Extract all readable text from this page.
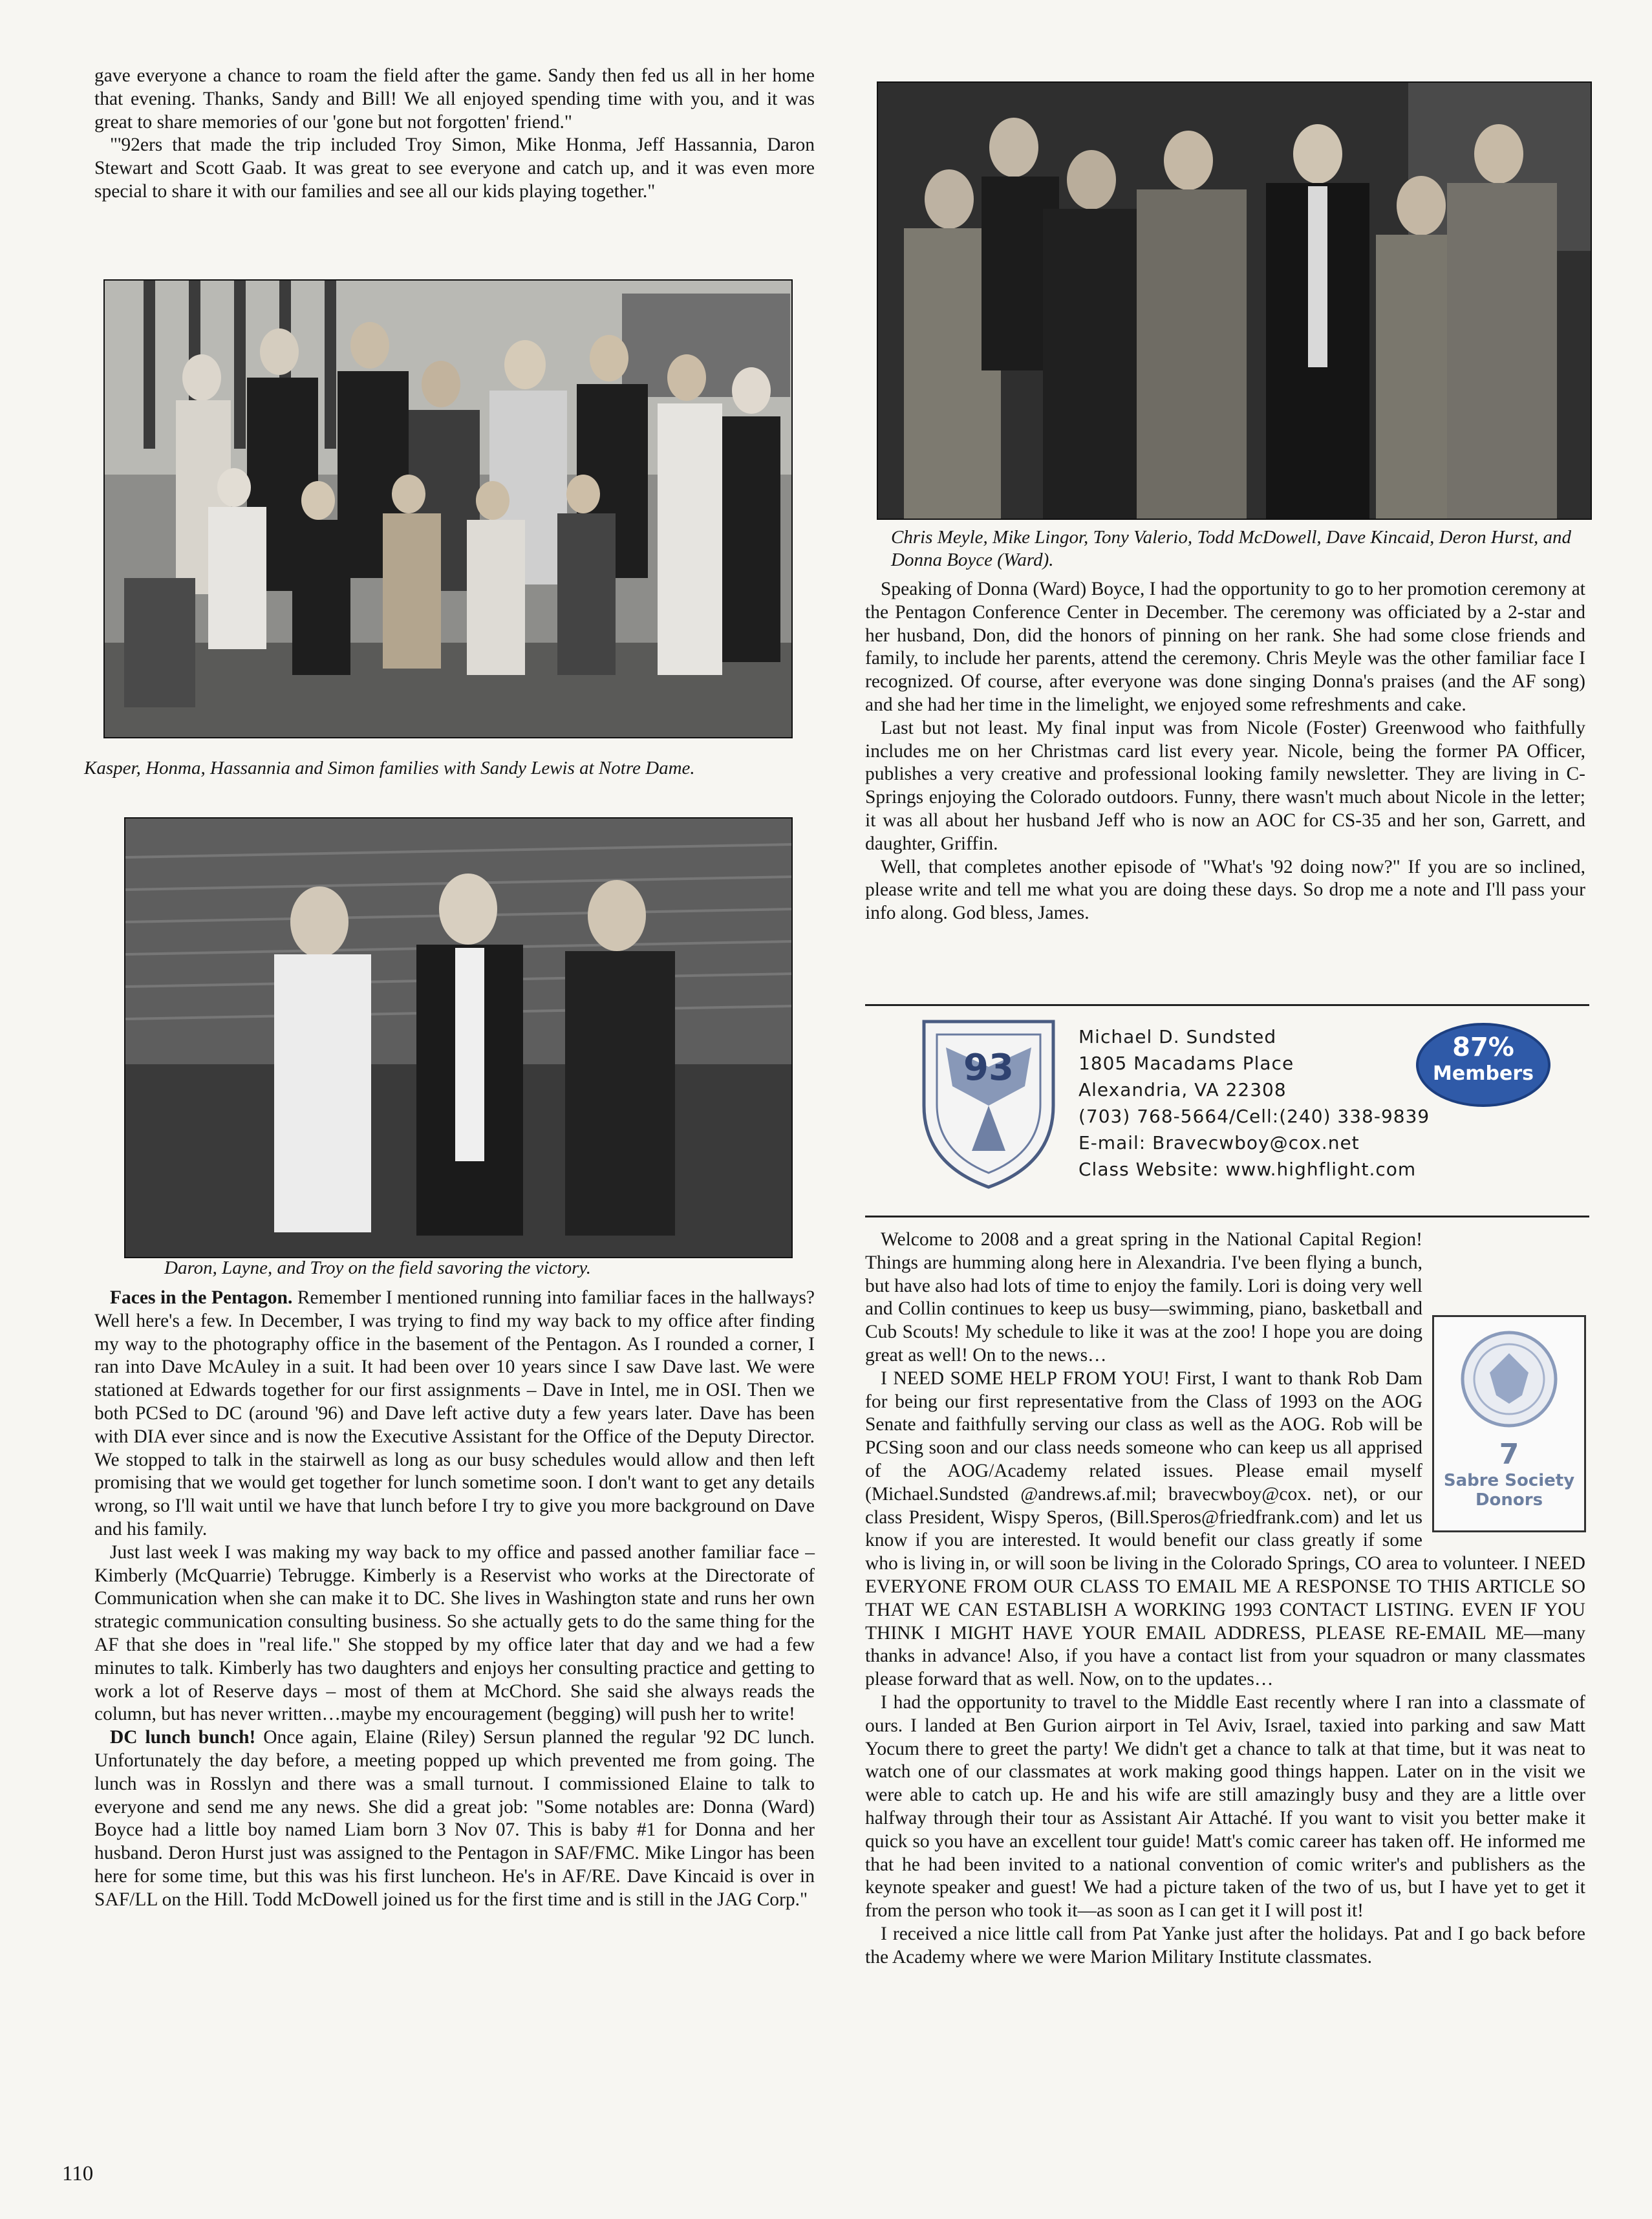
gave everyone a chance to roam the field after the game. Sandy then fed us all in her home that evening. Thanks, Sandy and Bill! We all enjoyed spending time with you, and it was great to share memories of our 'gone but not forgotten' friend."

"'92ers that made the trip included Troy Simon, Mike Honma, Jeff Hassannia, Daron Stewart and Scott Gaab. It was great to see everyone and catch up, and it was even more special to share it with our families and see all our kids playing together."

Kasper, Honma, Hassannia and Simon families with Sandy Lewis at Notre Dame.
Daron, Layne, and Troy on the field savoring the victory.

Faces in the Pentagon. Remember I mentioned running into familiar faces in the hallways? Well here's a few. In December, I was trying to find my way back to my office after finding my way to the photography office in the basement of the Pentagon. As I rounded a corner, I ran into Dave McAuley in a suit. It had been over 10 years since I saw Dave last. We were stationed at Edwards together for our first assignments – Dave in Intel, me in OSI. Then we both PCSed to DC (around '96) and Dave left active duty a few years later. Dave has been with DIA ever since and is now the Executive Assistant for the Office of the Deputy Director. We stopped to talk in the stairwell as long as our busy schedules would allow and then left promising that we would get together for lunch sometime soon. I don't want to get any details wrong, so I'll wait until we have that lunch before I try to give you more background on Dave and his family.

Just last week I was making my way back to my office and passed another familiar face – Kimberly (McQuarrie) Tebrugge. Kimberly is a Reservist who works at the Directorate of Communication when she can make it to DC. She lives in Washington state and runs her own strategic communication consulting business. So she actually gets to do the same thing for the AF that she does in "real life." She stopped by my office later that day and we had a few minutes to talk. Kimberly has two daughters and enjoys her consulting practice and getting to work a lot of Reserve days – most of them at McChord. She said she always reads the column, but has never written…maybe my encouragement (begging) will push her to write!

DC lunch bunch! Once again, Elaine (Riley) Sersun planned the regular '92 DC lunch. Unfortunately the day before, a meeting popped up which prevented me from going. The lunch was in Rosslyn and there was a small turnout. I commissioned Elaine to talk to everyone and send me any news. She did a great job: "Some notables are: Donna (Ward) Boyce had a little boy named Liam born 3 Nov 07. This is baby #1 for Donna and her husband. Deron Hurst just was assigned to the Pentagon in SAF/FMC. Mike Lingor has been here for some time, but this was his first luncheon. He's in AF/RE. Dave Kincaid is over in SAF/LL on the Hill. Todd McDowell joined us for the first time and is still in the JAG Corp."

110
Chris Meyle, Mike Lingor, Tony Valerio, Todd McDowell, Dave Kincaid, Deron Hurst, and Donna Boyce (Ward).

Speaking of Donna (Ward) Boyce, I had the opportunity to go to her promotion ceremony at the Pentagon Conference Center in December. The ceremony was officiated by a 2-star and her husband, Don, did the honors of pinning on her rank. She had some close friends and family, to include her parents, attend the ceremony. Chris Meyle was the other familiar face I recognized. Of course, after everyone was done singing Donna's praises (and the AF song) and she had her time in the limelight, we enjoyed some refreshments and cake.

Last but not least. My final input was from Nicole (Foster) Greenwood who faithfully includes me on her Christmas card list every year. Nicole, being the former PA Officer, publishes a very creative and professional looking family newsletter. They are living in C-Springs enjoying the Colorado outdoors. Funny, there wasn't much about Nicole in the letter; it was all about her husband Jeff who is now an AOC for CS-35 and her son, Garrett, and daughter, Griffin.

Well, that completes another episode of "What's '92 doing now?" If you are so inclined, please write and tell me what you are doing these days. So drop me a note and I'll pass your info along. God bless, James.

93
Michael D. Sundsted
1805 Macadams Place
Alexandria, VA 22308
(703) 768-5664/Cell:(240) 338-9839
E-mail: Bravecwboy@cox.net
Class Website: www.highflight.com
87%
Members
7
Sabre Society
Donors

Welcome to 2008 and a great spring in the National Capital Region! Things are humming along here in Alexandria. I've been flying a bunch, but have also had lots of time to enjoy the family. Lori is doing very well and Collin continues to keep us busy—swimming, piano, basketball and Cub Scouts! My schedule to like it was at the zoo! I hope you are doing great as well! On to the news…

I NEED SOME HELP FROM YOU! First, I want to thank Rob Dam for being our first representative from the Class of 1993 on the AOG Senate and faithfully serving our class as well as the AOG. Rob will be PCSing soon and our class needs someone who can keep us all apprised of the AOG/Academy related issues. Please email myself (Michael.Sundsted @andrews.af.mil; bravecwboy@cox. net), or our class President, Wispy Speros, (Bill.Speros@friedfrank.com) and let us know if you are interested. It would benefit our class greatly if some who is living in, or will soon be living in the Colorado Springs, CO area to volunteer. I NEED EVERYONE FROM OUR CLASS TO EMAIL ME A RESPONSE TO THIS ARTICLE SO THAT WE CAN ESTABLISH A WORKING 1993 CONTACT LISTING. EVEN IF YOU THINK I MIGHT HAVE YOUR EMAIL ADDRESS, PLEASE RE-EMAIL ME—many thanks in advance! Also, if you have a contact list from your squadron or many classmates please forward that as well. Now, on to the updates…

I had the opportunity to travel to the Middle East recently where I ran into a classmate of ours. I landed at Ben Gurion airport in Tel Aviv, Israel, taxied into parking and saw Matt Yocum there to greet the party! We didn't get a chance to talk at that time, but it was neat to watch one of our classmates at work making good things happen. Later on in the visit we were able to catch up. He and his wife are still amazingly busy and they are a little over halfway through their tour as Assistant Air Attaché. If you want to visit you better make it quick so you have an excellent tour guide! Matt's comic career has taken off. He informed me that he had been invited to a national convention of comic writer's and publishers as the keynote speaker and guest! We had a picture taken of the two of us, but I have yet to get it from the person who took it—as soon as I can get it I will post it!

I received a nice little call from Pat Yanke just after the holidays. Pat and I go back before the Academy where we were Marion Military Institute classmates.
